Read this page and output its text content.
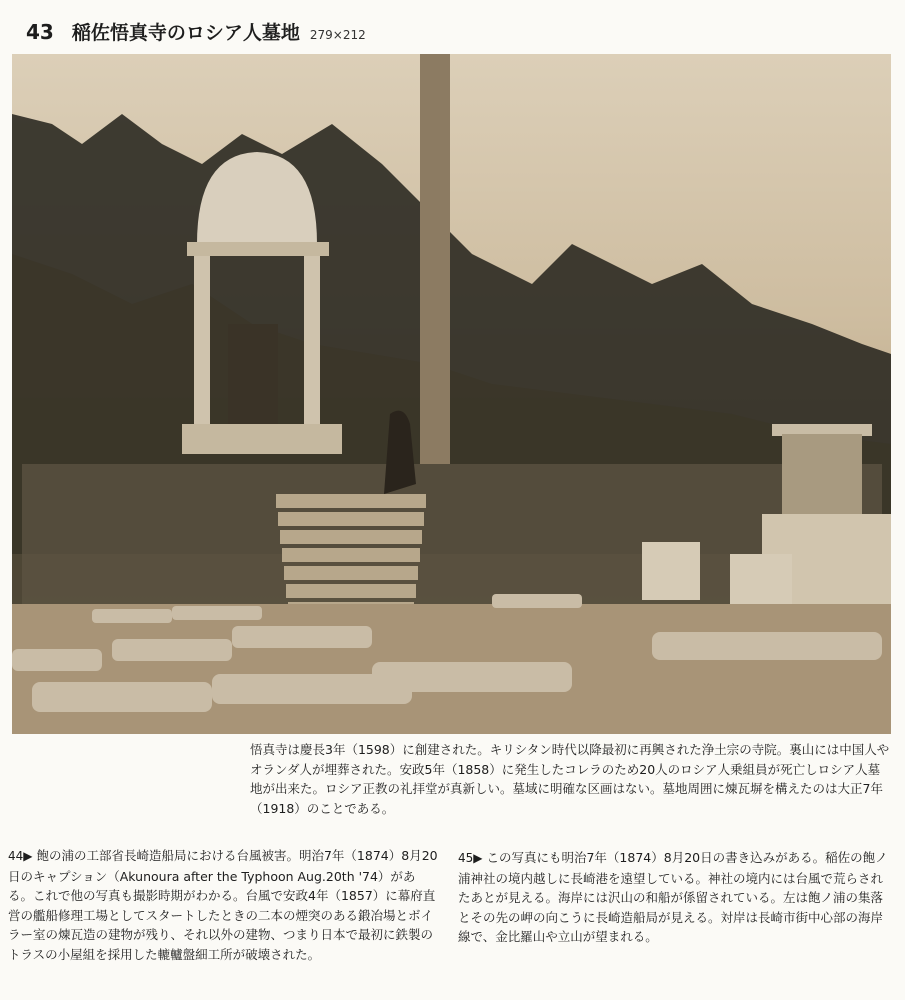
43 稲佐悟真寺のロシア人墓地 279×212
悟真寺は慶長3年（1598）に創建された。キリシタン時代以降最初に再興された浄土宗の寺院。裏山には中国人やオランダ人が埋葬された。安政5年（1858）に発生したコレラのため20人のロシア人乗組員が死亡しロシア人墓地が出来た。ロシア正教の礼拝堂が真新しい。墓域に明確な区画はない。墓地周囲に煉瓦塀を構えたのは大正7年（1918）のことである。
44▶ 飽の浦の工部省長崎造船局における台風被害。明治7年（1874）8月20日のキャプション（Akunoura after the Typhoon Aug.20th '74）がある。これで他の写真も撮影時期がわかる。台風で安政4年（1857）に幕府直営の艦船修理工場としてスタートしたときの二本の煙突のある鍛冶場とボイラー室の煉瓦造の建物が残り、それ以外の建物、つまり日本で最初に鉄製のトラスの小屋組を採用した轆轤盤細工所が破壊された。
45▶ この写真にも明治7年（1874）8月20日の書き込みがある。稲佐の飽ノ浦神社の境内越しに長崎港を遠望している。神社の境内には台風で荒らされたあとが見える。海岸には沢山の和船が係留されている。左は飽ノ浦の集落とその先の岬の向こうに長崎造船局が見える。対岸は長崎市街中心部の海岸線で、金比羅山や立山が望まれる。
